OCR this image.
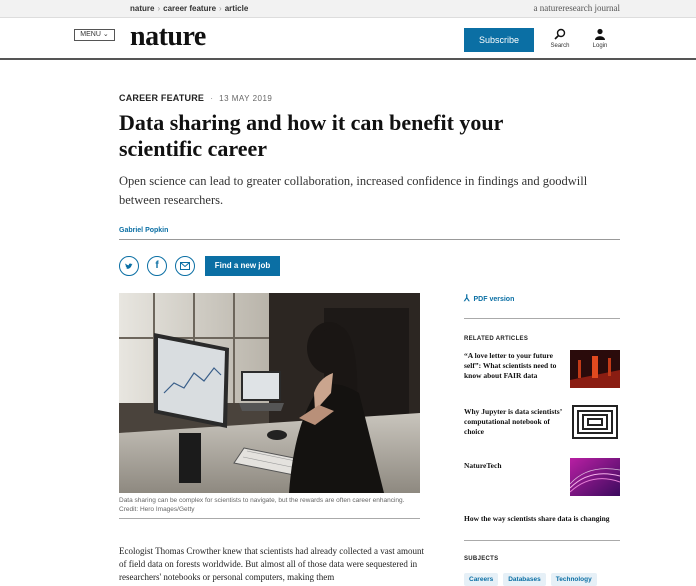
nature › career feature › article	a natureresearch journal
MENU ⌄ nature	Subscribe
Search	Login
CAREER FEATURE · 13 MAY 2019
Data sharing and how it can benefit your scientific career

Open science can lead to greater collaboration, increased confidence in findings and goodwill between researchers.

Gabriel Popkin
f	Find a new job
Data sharing can be complex for scientists to navigate, but the rewards are often career enhancing. Credit: Hero Images/Getty

Ecologist Thomas Crowther knew that scientists had already collected a vast amount of field data on forests worldwide. But almost all of those data were sequestered in researchers' notebooks or personal computers, making them

⅄ PDF version
RELATED ARTICLES
“A love letter to your future self”: What scientists need to know about FAIR data
Why Jupyter is data scientists’ computational notebook of choice
NatureTech
How the way scientists share data is changing
SUBJECTS
Careers	Databases	Technology
